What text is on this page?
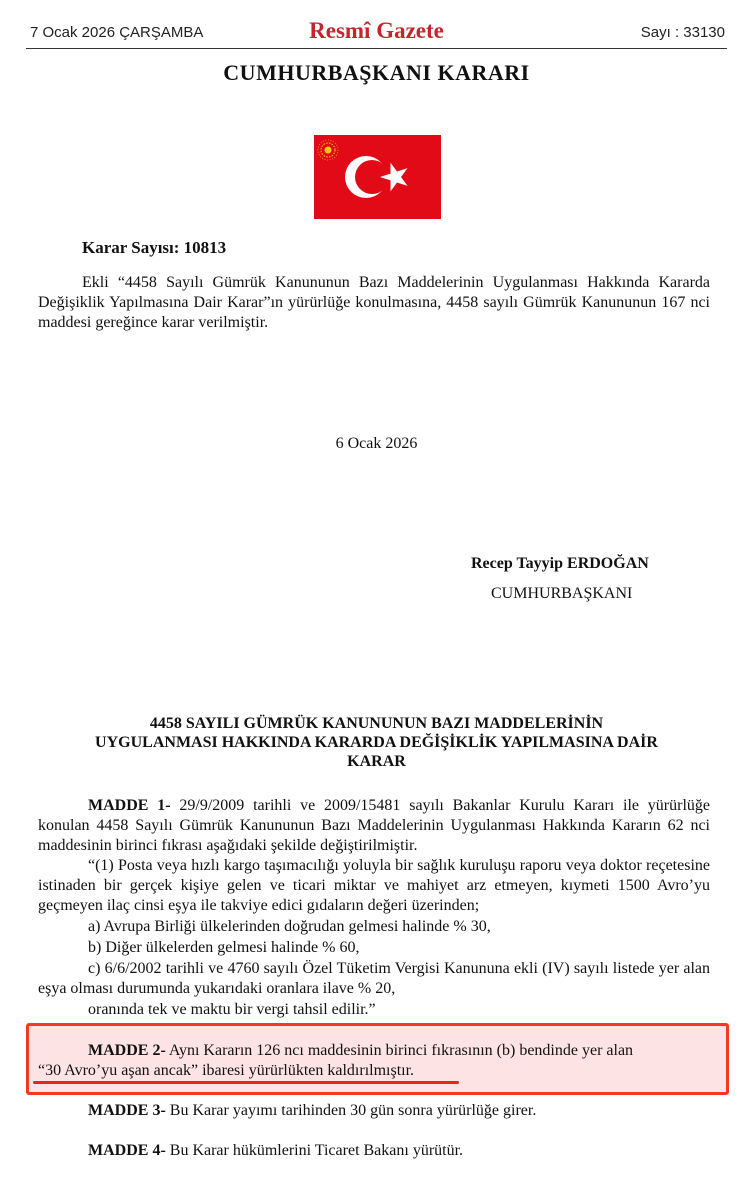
7 Ocak 2026 ÇARŞAMBA	Resmî Gazete	Sayı : 33130
CUMHURBAŞKANI KARARI
Karar Sayısı: 10813
Ekli “4458 Sayılı Gümrük Kanununun Bazı Maddelerinin Uygulanması Hakkında Kararda Değişiklik Yapılmasına Dair Karar”ın yürürlüğe konulmasına, 4458 sayılı Gümrük Kanununun 167 nci maddesi gereğince karar verilmiştir.
6 Ocak 2026
Recep Tayyip ERDOĞAN
CUMHURBAŞKANI
4458 SAYILI GÜMRÜK KANUNUNUN BAZI MADDELERİNİN
UYGULANMASI HAKKINDA KARARDA DEĞİŞİKLİK YAPILMASINA DAİR
KARAR
MADDE 1- 29/9/2009 tarihli ve 2009/15481 sayılı Bakanlar Kurulu Kararı ile yürürlüğe konulan 4458 Sayılı Gümrük Kanununun Bazı Maddelerinin Uygulanması Hakkında Kararın 62 nci maddesinin birinci fıkrası aşağıdaki şekilde değiştirilmiştir.
“(1) Posta veya hızlı kargo taşımacılığı yoluyla bir sağlık kuruluşu raporu veya doktor reçetesine istinaden bir gerçek kişiye gelen ve ticari miktar ve mahiyet arz etmeyen, kıymeti 1500 Avro’yu geçmeyen ilaç cinsi eşya ile takviye edici gıdaların değeri üzerinden;
a) Avrupa Birliği ülkelerinden doğrudan gelmesi halinde % 30,
b) Diğer ülkelerden gelmesi halinde % 60,
c) 6/6/2002 tarihli ve 4760 sayılı Özel Tüketim Vergisi Kanununa ekli (IV) sayılı listede yer alan eşya olması durumunda yukarıdaki oranlara ilave % 20,
oranında tek ve maktu bir vergi tahsil edilir.”
MADDE 2- Aynı Kararın 126 ncı maddesinin birinci fıkrasının (b) bendinde yer alan
“30 Avro’yu aşan ancak” ibaresi yürürlükten kaldırılmıştır.
MADDE 3- Bu Karar yayımı tarihinden 30 gün sonra yürürlüğe girer.
MADDE 4- Bu Karar hükümlerini Ticaret Bakanı yürütür.
